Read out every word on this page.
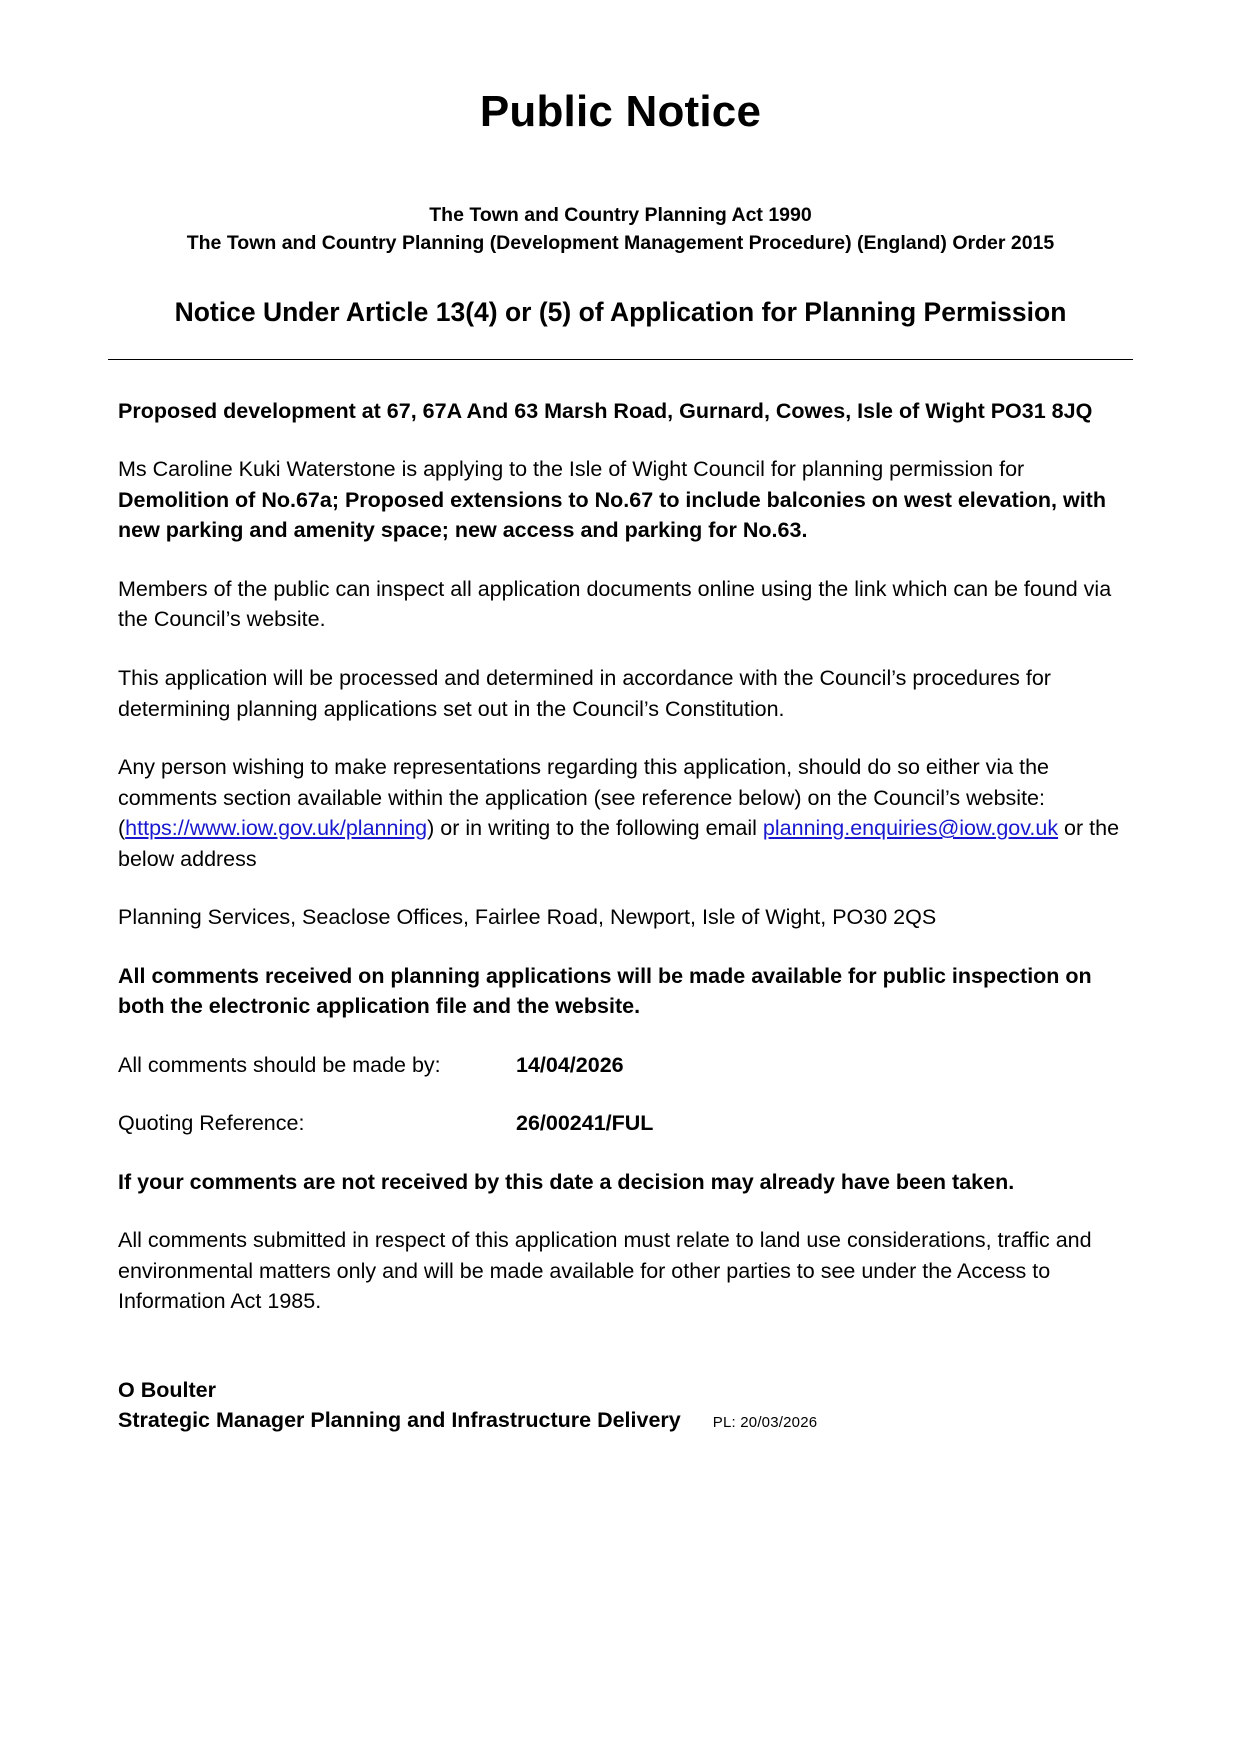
Public Notice
The Town and Country Planning Act 1990
The Town and Country Planning (Development Management Procedure) (England) Order 2015
Notice Under Article 13(4) or (5) of Application for Planning Permission

Proposed development at 67, 67A And 63 Marsh Road, Gurnard, Cowes, Isle of Wight PO31 8JQ

Ms Caroline Kuki Waterstone is applying to the Isle of Wight Council for planning permission for Demolition of No.67a; Proposed extensions to No.67 to include balconies on west elevation, with new parking and amenity space; new access and parking for No.63.

Members of the public can inspect all application documents online using the link which can be found via the Council’s website.

This application will be processed and determined in accordance with the Council’s procedures for determining planning applications set out in the Council’s Constitution.

Any person wishing to make representations regarding this application, should do so either via the comments section available within the application (see reference below) on the Council’s website: (https://www.iow.gov.uk/planning) or in writing to the following email planning.enquiries@iow.gov.uk or the below address

Planning Services, Seaclose Offices, Fairlee Road, Newport, Isle of Wight, PO30 2QS

All comments received on planning applications will be made available for public inspection on both the electronic application file and the website.

All comments should be made by:	14/04/2026
Quoting Reference:	26/00241/FUL

If your comments are not received by this date a decision may already have been taken.

All comments submitted in respect of this application must relate to land use considerations, traffic and environmental matters only and will be made available for other parties to see under the Access to Information Act 1985.

O Boulter
Strategic Manager Planning and Infrastructure Delivery PL: 20/03/2026
